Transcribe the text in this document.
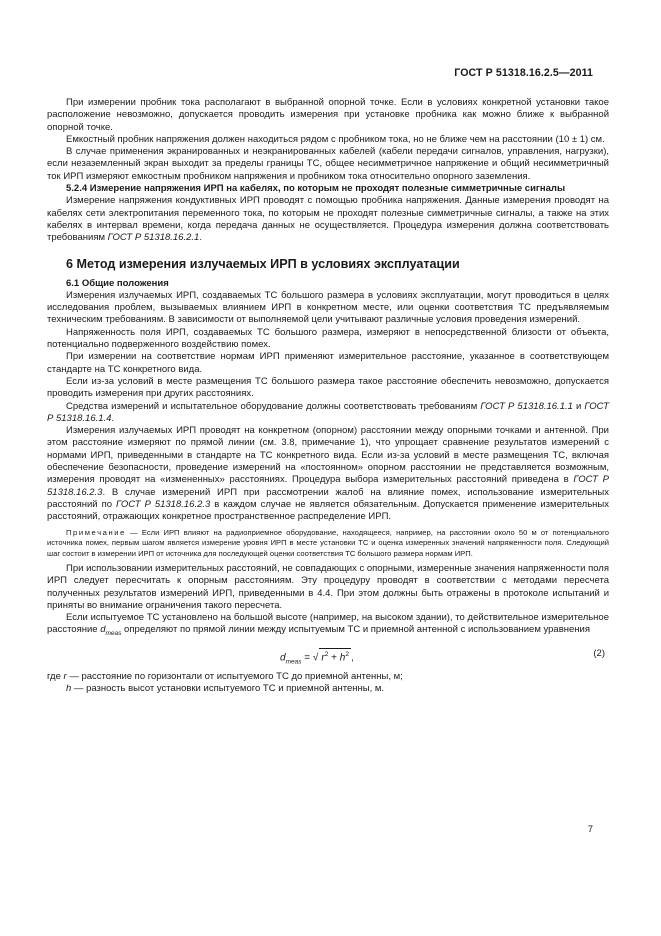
ГОСТ Р 51318.16.2.5—2011

При измерении пробник тока располагают в выбранной опорной точке. Если в условиях конкретной установки такое расположение невозможно, допускается проводить измерения при установке пробника как можно ближе к выбранной опорной точке.

Емкостный пробник напряжения должен находиться рядом с пробником тока, но не ближе чем на расстоянии (10 ± 1) см.

В случае применения экранированных и неэкранированных кабелей (кабели передачи сигналов, управления, нагрузки), если незаземленный экран выходит за пределы границы ТС, общее несимметричное напряжение и общий несимметричный ток ИРП измеряют емкостным пробником напряжения и пробником тока относительно опорного заземления.

5.2.4 Измерение напряжения ИРП на кабелях, по которым не проходят полезные симметричные сигналы

Измерение напряжения кондуктивных ИРП проводят с помощью пробника напряжения. Данные измерения проводят на кабелях сети электропитания переменного тока, по которым не проходят полезные симметричные сигналы, а также на этих кабелях в интервал времени, когда передача данных не осуществляется. Процедура измерения должна соответствовать требованиям ГОСТ Р 51318.16.2.1.

6 Метод измерения излучаемых ИРП в условиях эксплуатации

6.1 Общие положения

Измерения излучаемых ИРП, создаваемых ТС большого размера в условиях эксплуатации, могут проводиться в целях исследования проблем, вызываемых влиянием ИРП в конкретном месте, или оценки соответствия ТС предъявляемым техническим требованиям. В зависимости от выполняемой цели учитывают различные условия проведения измерений.

Напряженность поля ИРП, создаваемых ТС большого размера, измеряют в непосредственной близости от объекта, потенциально подверженного воздействию помех.

При измерении на соответствие нормам ИРП применяют измерительное расстояние, указанное в соответствующем стандарте на ТС конкретного вида.

Если из-за условий в месте размещения ТС большого размера такое расстояние обеспечить невозможно, допускается проводить измерения при других расстояниях.

Средства измерений и испытательное оборудование должны соответствовать требованиям ГОСТ Р 51318.16.1.1 и ГОСТ Р 51318.16.1.4.

Измерения излучаемых ИРП проводят на конкретном (опорном) расстоянии между опорными точками и антенной. При этом расстояние измеряют по прямой линии (см. 3.8, примечание 1), что упрощает сравнение результатов измерений с нормами ИРП, приведенными в стандарте на ТС конкретного вида. Если из-за условий в месте размещения ТС, включая обеспечение безопасности, проведение измерений на «постоянном» опорном расстоянии не представляется возможным, измерения проводят на «измененных» расстояниях. Процедура выбора измерительных расстояний приведена в ГОСТ Р 51318.16.2.3. В случае измерений ИРП при рассмотрении жалоб на влияние помех, использование измерительных расстояний по ГОСТ Р 51318.16.2.3 в каждом случае не является обязательным. Допускается применение измерительных расстояний, отражающих конкретное пространственное распределение ИРП.

Примечание — Если ИРП влияют на радиоприемное оборудование, находящееся, например, на расстоянии около 50 м от потенциального источника помех, первым шагом является измерение уровня ИРП в месте установки ТС и оценка измеренных значений напряженности поля. Следующий шаг состоит в измерении ИРП от источника для последующей оценки соответствия ТС большого размера нормам ИРП.

При использовании измерительных расстояний, не совпадающих с опорными, измеренные значения напряженности поля ИРП следует пересчитать к опорным расстояниям. Эту процедуру проводят в соответствии с методами пересчета полученных результатов измерений ИРП, приведенными в 4.4. При этом должны быть отражены в протоколе испытаний и приняты во внимание ограничения такого пересчета.

Если испытуемое ТС установлено на большой высоте (например, на высоком здании), то действительное измерительное расстояние $d_{meas}$ определяют по прямой линии между испытуемым ТС и приемной антенной с использованием уравнения

$d_{meas}$ = √ $r^2 + h^2$ ,	(2)

где r — расстояние по горизонтали от испытуемого ТС до приемной антенны, м;

h — разность высот установки испытуемого ТС и приемной антенны, м.

7
